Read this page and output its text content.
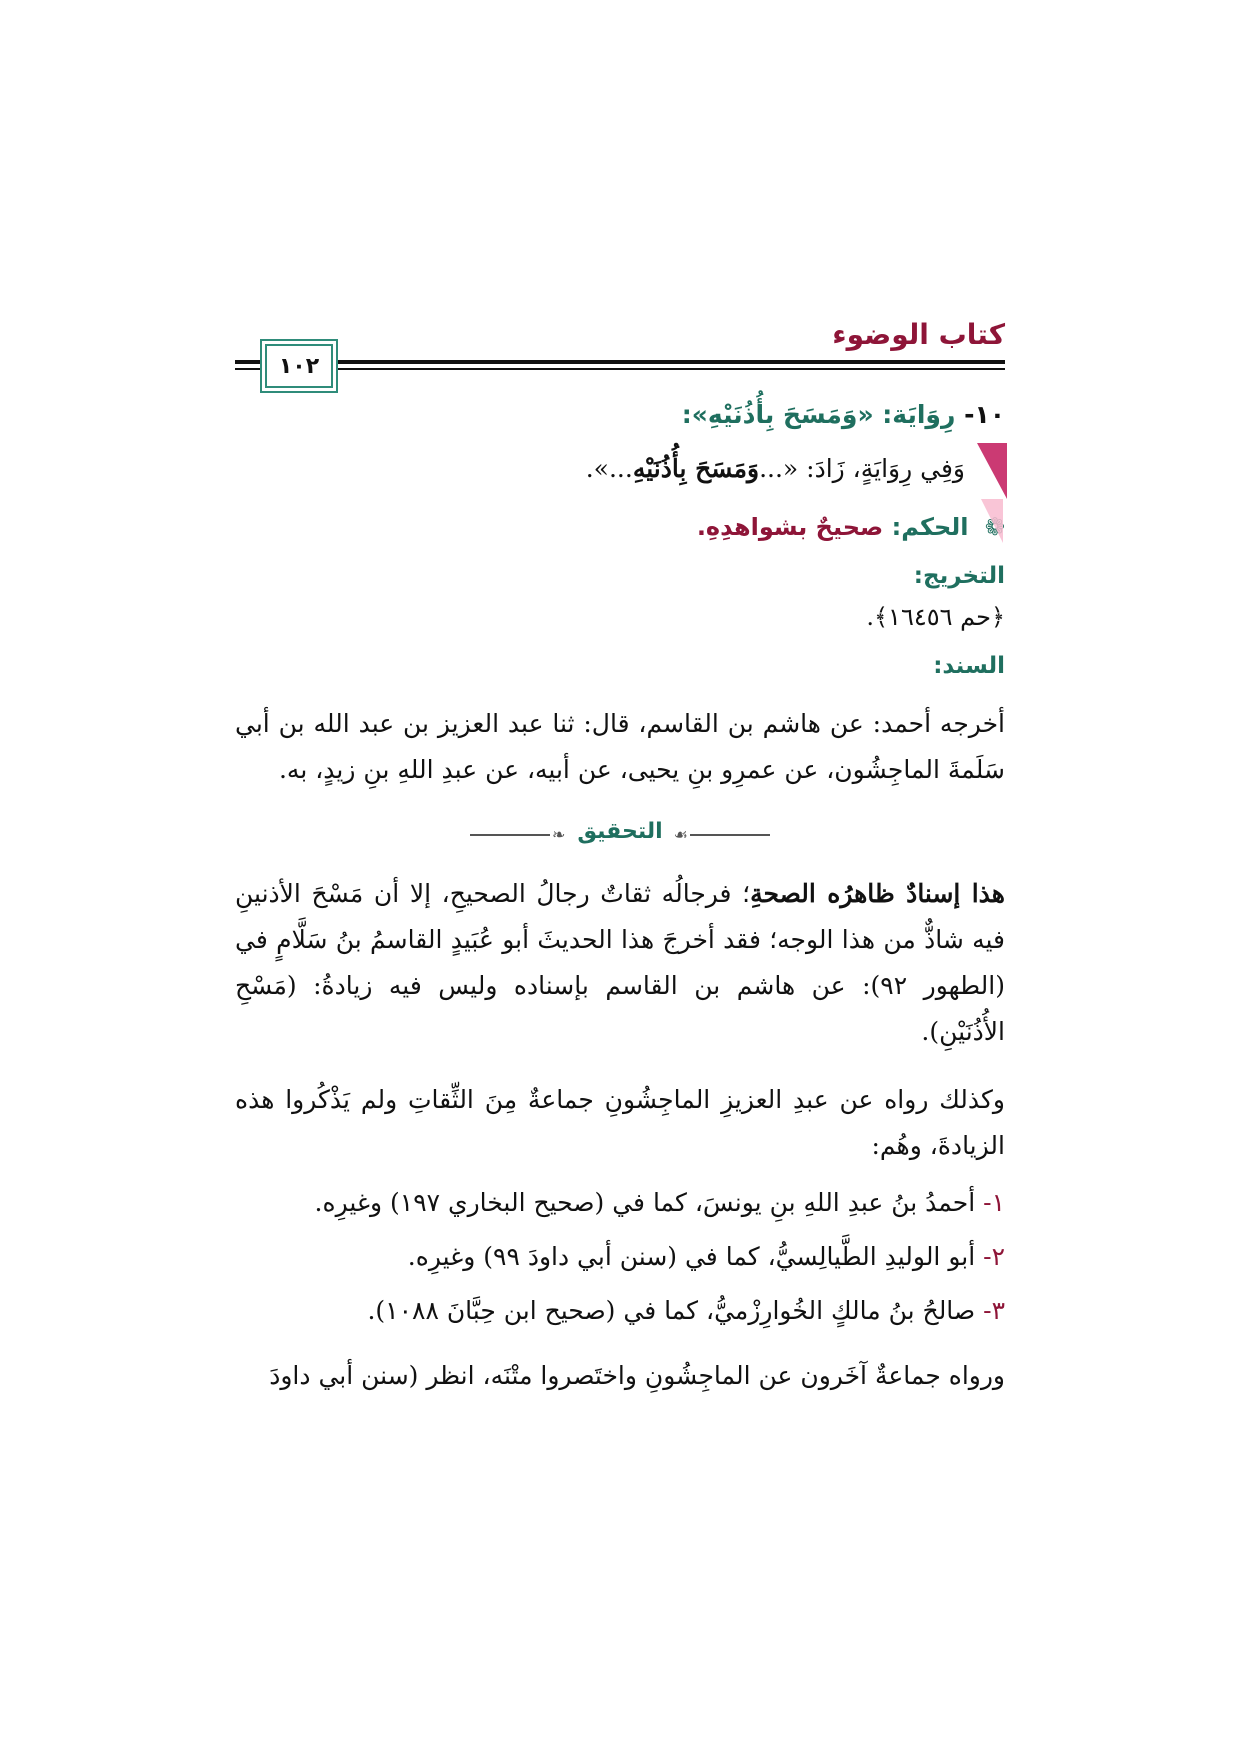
كتاب الوضوء
١٠٢
١٠- رِوَايَة: «وَمَسَحَ بِأُذُنَيْهِ»:
وَفِي رِوَايَةٍ، زَادَ: «...وَمَسَحَ بِأُذُنَيْهِ...».
❁ الحكم: صحيحٌ بشواهدِهِ.
التخريج:
﴿حم ١٦٤٥٦﴾.
السند:
أخرجه أحمد: عن هاشم بن القاسم، قال: ثنا عبد العزيز بن عبد الله بن أبي سَلَمةَ الماجِشُون، عن عمرِو بنِ يحيى، عن أبيه، عن عبدِ اللهِ بنِ زيدٍ، به.
❧ التحقيق ☙
هذا إسنادٌ ظاهرُه الصحةِ؛ فرجالُه ثقاتٌ رجالُ الصحيحِ، إلا أن مَسْحَ الأذنينِ فيه شاذٌّ من هذا الوجه؛ فقد أخرجَ هذا الحديثَ أبو عُبَيدٍ القاسمُ بنُ سَلَّامٍ في (الطهور ٩٢): عن هاشم بن القاسم بإسناده وليس فيه زيادةُ: (مَسْحِ الأُذُنَيْنِ).
وكذلك رواه عن عبدِ العزيزِ الماجِشُونِ جماعةٌ مِنَ الثِّقاتِ ولم يَذْكُروا هذه الزيادةَ، وهُم:
١- أحمدُ بنُ عبدِ اللهِ بنِ يونسَ، كما في (صحيح البخاري ١٩٧) وغيرِه.
٢- أبو الوليدِ الطَّيالِسيُّ، كما في (سنن أبي داودَ ٩٩) وغيرِه.
٣- صالحُ بنُ مالكٍ الخُوارِزْميُّ، كما في (صحيح ابن حِبَّانَ ١٠٨٨).
ورواه جماعةٌ آخَرون عن الماجِشُونِ واختَصروا متْنَه، انظر (سنن أبي داودَ
